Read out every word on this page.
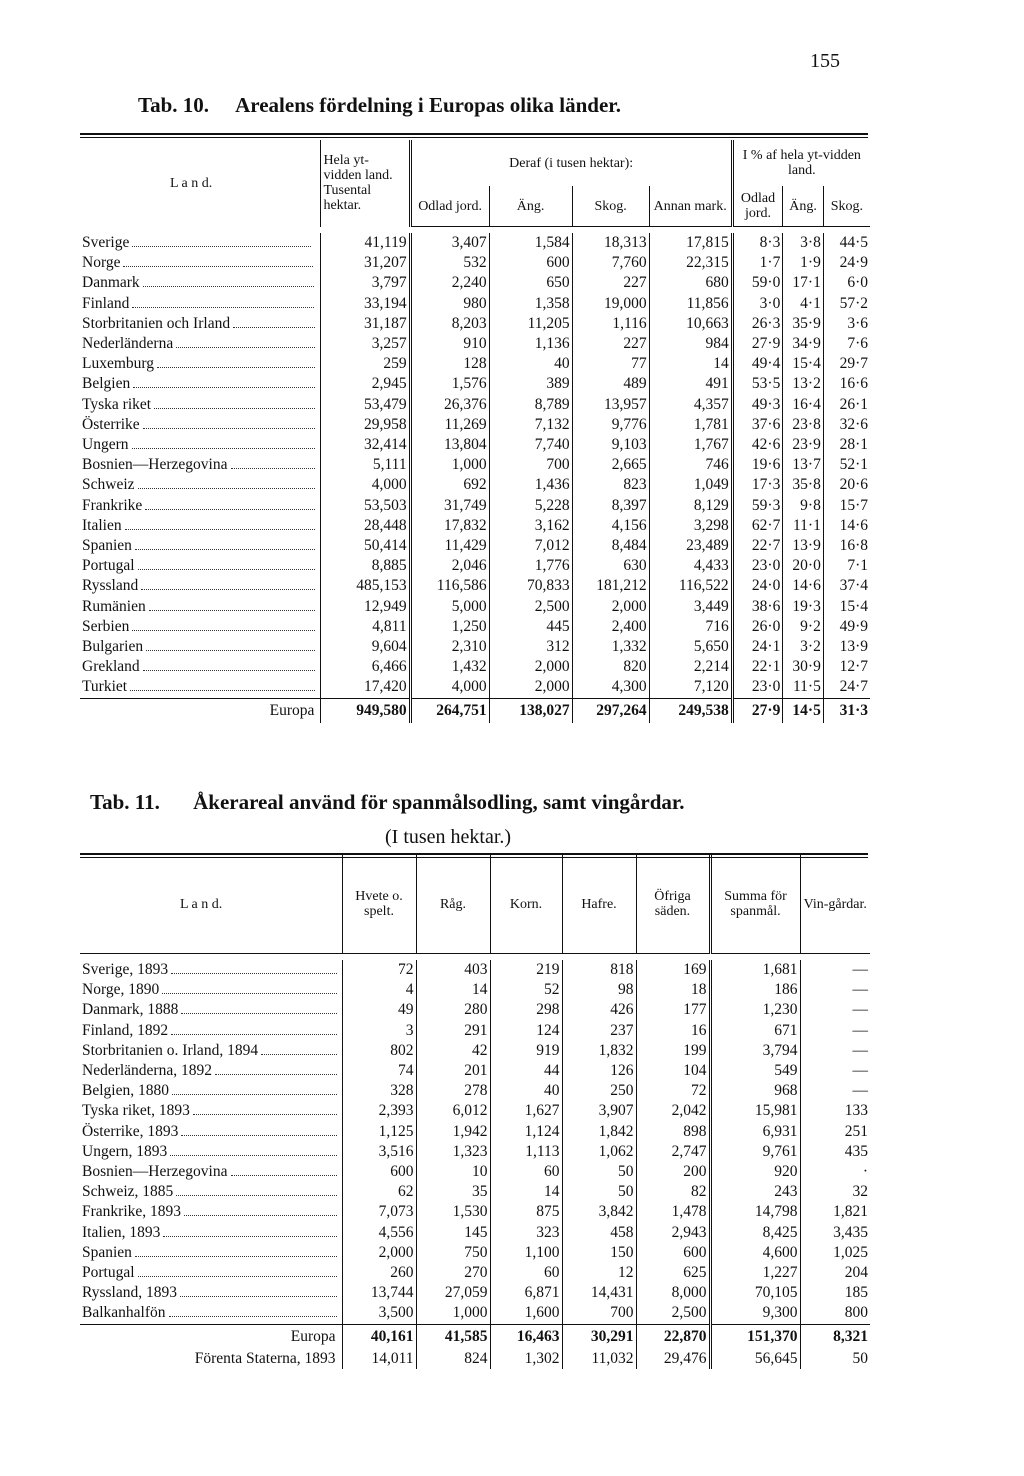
155
Tab. 10. Arealens fördelning i Europas olika länder.
L a n d.	Hela yt-vidden land.
Tusental hektar.	Deraf (i tusen hektar):				I % af hela yt-vidden land.		
		Odlad jord.	Äng.	Skog.	Annan mark.	Odlad jord.	Äng.	Skog.

Sverige	41,119	3,407	1,584	18,313	17,815	8·3	3·8	44·5
Norge	31,207	532	600	7,760	22,315	1·7	1·9	24·9
Danmark	3,797	2,240	650	227	680	59·0	17·1	6·0
Finland	33,194	980	1,358	19,000	11,856	3·0	4·1	57·2
Storbritanien och Irland	31,187	8,203	11,205	1,116	10,663	26·3	35·9	3·6
Nederländerna	3,257	910	1,136	227	984	27·9	34·9	7·6
Luxemburg	259	128	40	77	14	49·4	15·4	29·7
Belgien	2,945	1,576	389	489	491	53·5	13·2	16·6
Tyska riket	53,479	26,376	8,789	13,957	4,357	49·3	16·4	26·1
Österrike	29,958	11,269	7,132	9,776	1,781	37·6	23·8	32·6
Ungern	32,414	13,804	7,740	9,103	1,767	42·6	23·9	28·1
Bosnien—Herzegovina	5,111	1,000	700	2,665	746	19·6	13·7	52·1
Schweiz	4,000	692	1,436	823	1,049	17·3	35·8	20·6
Frankrike	53,503	31,749	5,228	8,397	8,129	59·3	9·8	15·7
Italien	28,448	17,832	3,162	4,156	3,298	62·7	11·1	14·6
Spanien	50,414	11,429	7,012	8,484	23,489	22·7	13·9	16·8
Portugal	8,885	2,046	1,776	630	4,433	23·0	20·0	7·1
Ryssland	485,153	116,586	70,833	181,212	116,522	24·0	14·6	37·4
Rumänien	12,949	5,000	2,500	2,000	3,449	38·6	19·3	15·4
Serbien	4,811	1,250	445	2,400	716	26·0	9·2	49·9
Bulgarien	9,604	2,310	312	1,332	5,650	24·1	3·2	13·9
Grekland	6,466	1,432	2,000	820	2,214	22·1	30·9	12·7
Turkiet	17,420	4,000	2,000	4,300	7,120	23·0	11·5	24·7
Europa	949,580	264,751	138,027	297,264	249,538	27·9	14·5	31·3
Tab. 11. Åkerareal använd för spanmålsodling, samt vingårdar.
(I tusen hektar.)
L a n d.	Hvete o. spelt.	Råg.	Korn.	Hafre.	Öfriga säden.	Summa för spanmål.	Vin-gårdar.

Sverige, 1893	72	403	219	818	169	1,681	—
Norge, 1890	4	14	52	98	18	186	—
Danmark, 1888	49	280	298	426	177	1,230	—
Finland, 1892	3	291	124	237	16	671	—
Storbritanien o. Irland, 1894	802	42	919	1,832	199	3,794	—
Nederländerna, 1892	74	201	44	126	104	549	—
Belgien, 1880	328	278	40	250	72	968	—
Tyska riket, 1893	2,393	6,012	1,627	3,907	2,042	15,981	133
Österrike, 1893	1,125	1,942	1,124	1,842	898	6,931	251
Ungern, 1893	3,516	1,323	1,113	1,062	2,747	9,761	435
Bosnien—Herzegovina	600	10	60	50	200	920	·
Schweiz, 1885	62	35	14	50	82	243	32
Frankrike, 1893	7,073	1,530	875	3,842	1,478	14,798	1,821
Italien, 1893	4,556	145	323	458	2,943	8,425	3,435
Spanien	2,000	750	1,100	150	600	4,600	1,025
Portugal	260	270	60	12	625	1,227	204
Ryssland, 1893	13,744	27,059	6,871	14,431	8,000	70,105	185
Balkanhalfön	3,500	1,000	1,600	700	2,500	9,300	800
Europa	40,161	41,585	16,463	30,291	22,870	151,370	8,321
Förenta Staterna, 1893	14,011	824	1,302	11,032	29,476	56,645	50
